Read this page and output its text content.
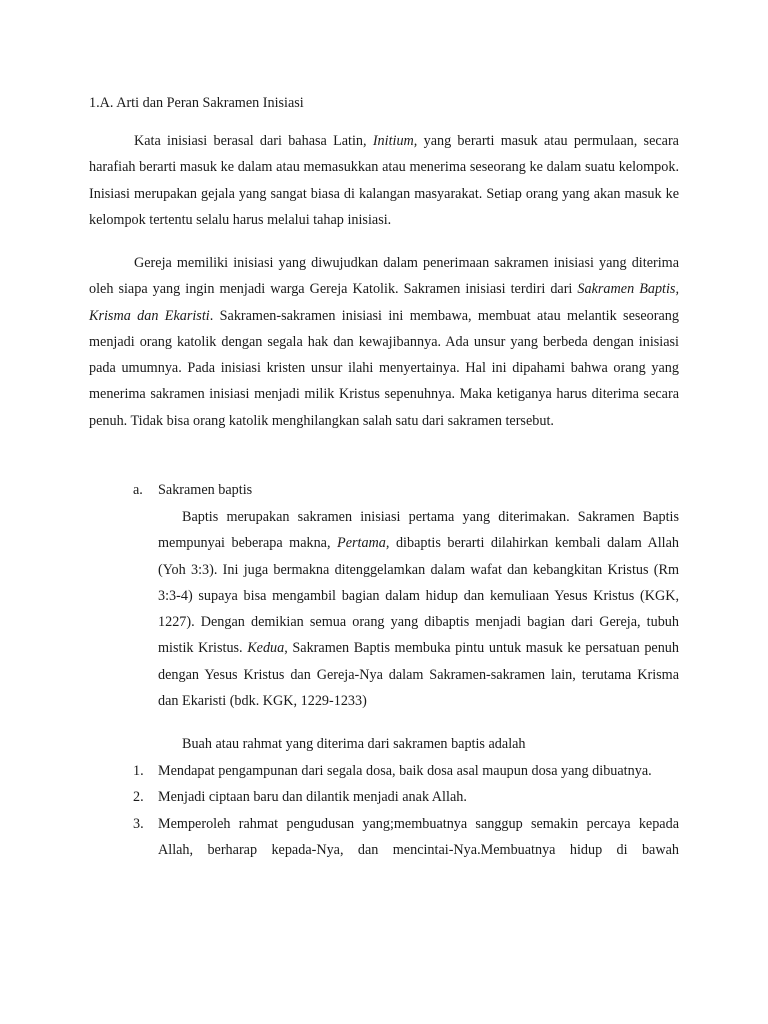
1.A. Arti dan Peran Sakramen Inisiasi

Kata inisiasi berasal dari bahasa Latin, Initium, yang berarti masuk atau permulaan, secara harafiah berarti masuk ke dalam atau memasukkan atau menerima seseorang ke dalam suatu kelompok. Inisiasi merupakan gejala yang sangat biasa di kalangan masyarakat. Setiap orang yang akan masuk ke kelompok tertentu selalu harus melalui tahap inisiasi.

Gereja memiliki inisiasi yang diwujudkan dalam penerimaan sakramen inisiasi yang diterima oleh siapa yang ingin menjadi warga Gereja Katolik. Sakramen inisiasi terdiri dari Sakramen Baptis, Krisma dan Ekaristi. Sakramen-sakramen inisiasi ini membawa, membuat atau melantik seseorang menjadi orang katolik dengan segala hak dan kewajibannya. Ada unsur yang berbeda dengan inisiasi pada umumnya. Pada inisiasi kristen unsur ilahi menyertainya. Hal ini dipahami bahwa orang yang menerima sakramen inisiasi menjadi milik Kristus sepenuhnya. Maka ketiganya harus diterima secara penuh. Tidak bisa orang katolik menghilangkan salah satu dari sakramen tersebut.

a. Sakramen baptis

Baptis merupakan sakramen inisiasi pertama yang diterimakan. Sakramen Baptis mempunyai beberapa makna, Pertama, dibaptis berarti dilahirkan kembali dalam Allah (Yoh 3:3). Ini juga bermakna ditenggelamkan dalam wafat dan kebangkitan Kristus (Rm 3:3-4) supaya bisa mengambil bagian dalam hidup dan kemuliaan Yesus Kristus (KGK, 1227). Dengan demikian semua orang yang dibaptis menjadi bagian dari Gereja, tubuh mistik Kristus. Kedua, Sakramen Baptis membuka pintu untuk masuk ke persatuan penuh dengan Yesus Kristus dan Gereja-Nya dalam Sakramen-sakramen lain, terutama Krisma dan Ekaristi (bdk. KGK, 1229-1233)

Buah atau rahmat yang diterima dari sakramen baptis adalah
1. Mendapat pengampunan dari segala dosa, baik dosa asal maupun dosa yang dibuatnya.
2. Menjadi ciptaan baru dan dilantik menjadi anak Allah.
3. Memperoleh rahmat pengudusan yang;membuatnya sanggup semakin percaya kepada Allah, berharap kepada-Nya, dan mencintai-Nya.Membuatnya hidup di bawah
